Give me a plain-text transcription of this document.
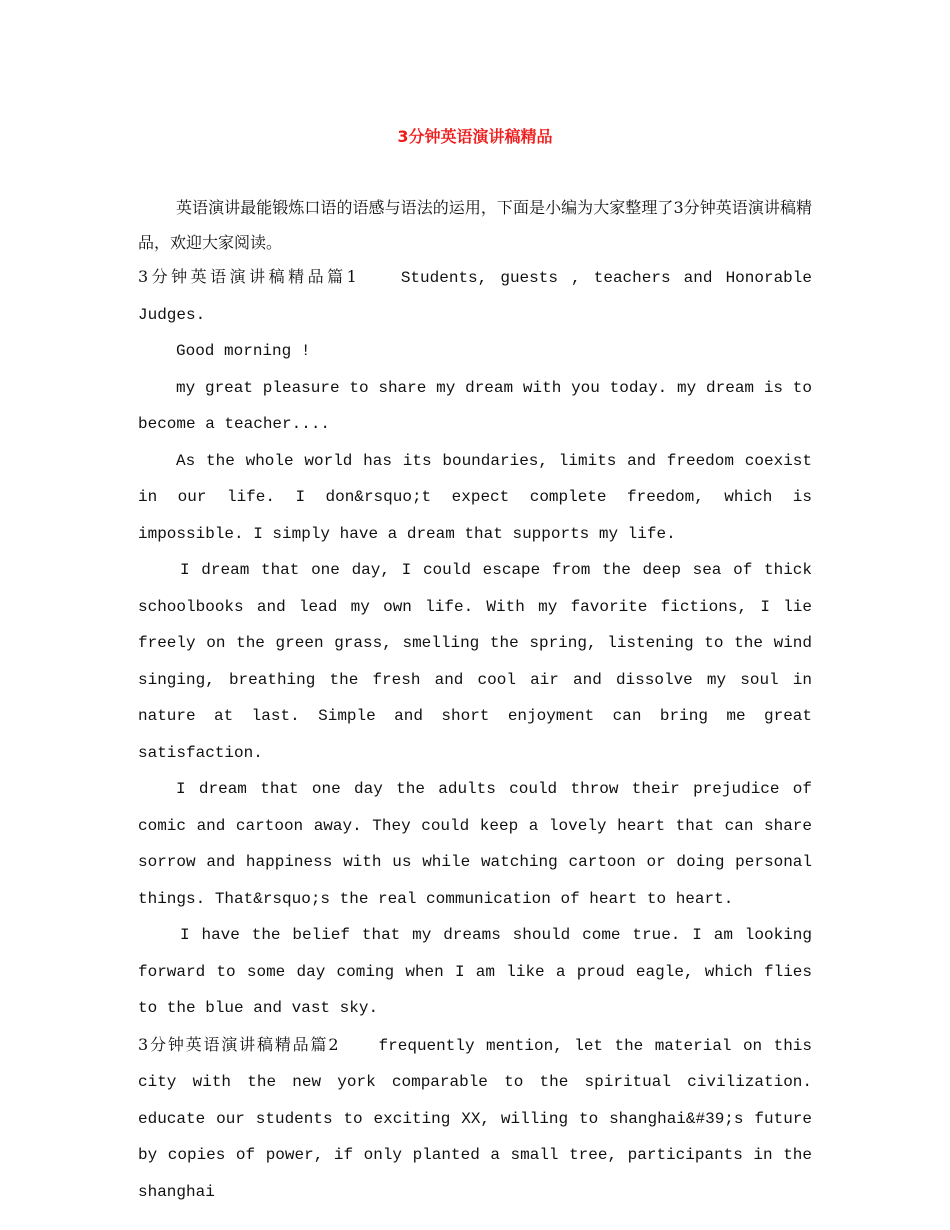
3分钟英语演讲稿精品

英语演讲最能锻炼口语的语感与语法的运用，下面是小编为大家整理了3分钟英语演讲稿精品，欢迎大家阅读。

3分钟英语演讲稿精品篇1	Students, guests , teachers and Honorable Judges.

Good morning !

my great pleasure to share my dream with you today. my dream is to become a teacher....

As the whole world has its boundaries, limits and freedom coexist in our life. I don&rsquo;t expect complete freedom, which is impossible. I simply have a dream that supports my life.

I dream that one day, I could escape from the deep sea of thick schoolbooks and lead my own life. With my favorite fictions, I lie freely on the green grass, smelling the spring, listening to the wind singing, breathing the fresh and cool air and dissolve my soul in nature at last. Simple and short enjoyment can bring me great satisfaction.

I dream that one day the adults could throw their prejudice of comic and cartoon away. They could keep a lovely heart that can share sorrow and happiness with us while watching cartoon or doing personal things. That&rsquo;s the real communication of heart to heart.

I have the belief that my dreams should come true. I am looking forward to some day coming when I am like a proud eagle, which flies to the blue and vast sky.

3分钟英语演讲稿精品篇2	frequently mention, let the material on this city with the new york comparable to the spiritual civilization. educate our students to exciting XX, willing to shanghai&#39;s future by copies of power, if only planted a small tree, participants in the shanghai
